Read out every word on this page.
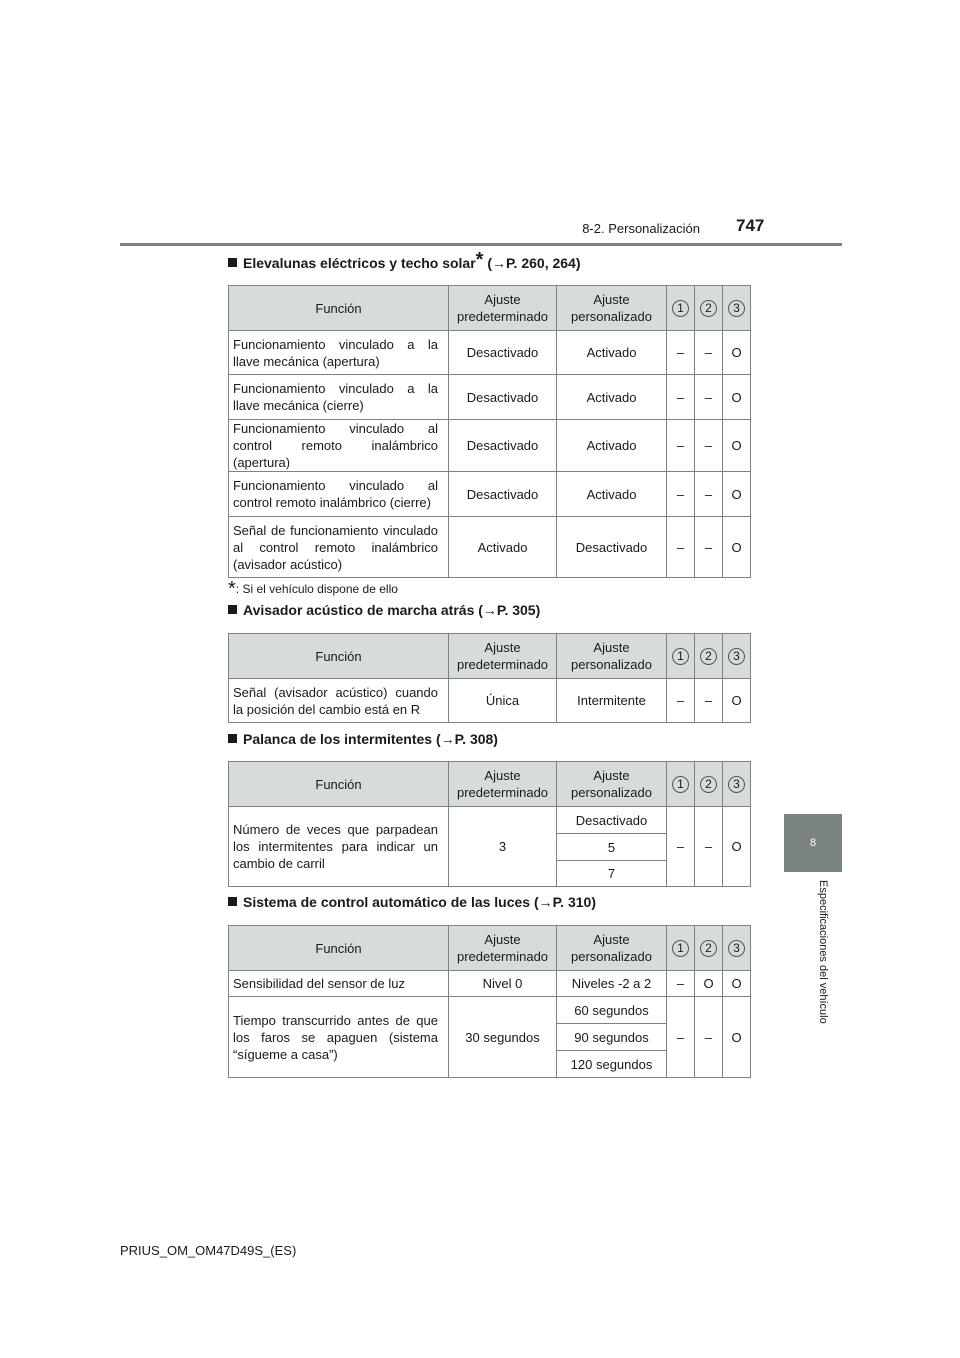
8-2. Personalización 747
8
Especificaciones del vehículo
Elevalunas eléctricos y techo solar* (→P. 260, 264)
Función	Ajuste predeterminado	Ajuste personalizado	1	2	3
Funcionamiento vinculado a la llave mecánica (apertura)	Desactivado	Activado	–	–	O
Funcionamiento vinculado a la llave mecánica (cierre)	Desactivado	Activado	–	–	O
Funcionamiento vinculado al control remoto inalámbrico (apertura)	Desactivado	Activado	–	–	O
Funcionamiento vinculado al control remoto inalámbrico (cierre)	Desactivado	Activado	–	–	O
Señal de funcionamiento vinculado al control remoto inalámbrico (avisador acústico)	Activado	Desactivado	–	–	O
*: Si el vehículo dispone de ello
Avisador acústico de marcha atrás (→P. 305)
Función	Ajuste predeterminado	Ajuste personalizado	1	2	3
Señal (avisador acústico) cuando la posición del cambio está en R	Única	Intermitente	–	–	O
Palanca de los intermitentes (→P. 308)
Función	Ajuste predeterminado	Ajuste personalizado	1	2	3
Número de veces que parpadean los intermitentes para indicar un cambio de carril	3	Desactivado	–	–	O
		5			
		7			
Sistema de control automático de las luces (→P. 310)
Función	Ajuste predeterminado	Ajuste personalizado	1	2	3
Sensibilidad del sensor de luz	Nivel 0	Niveles -2 a 2	–	O	O
Tiempo transcurrido antes de que los faros se apaguen (sistema “sígueme a casa”)	30 segundos	60 segundos	–	–	O
		90 segundos			
		120 segundos			
PRIUS_OM_OM47D49S_(ES)
